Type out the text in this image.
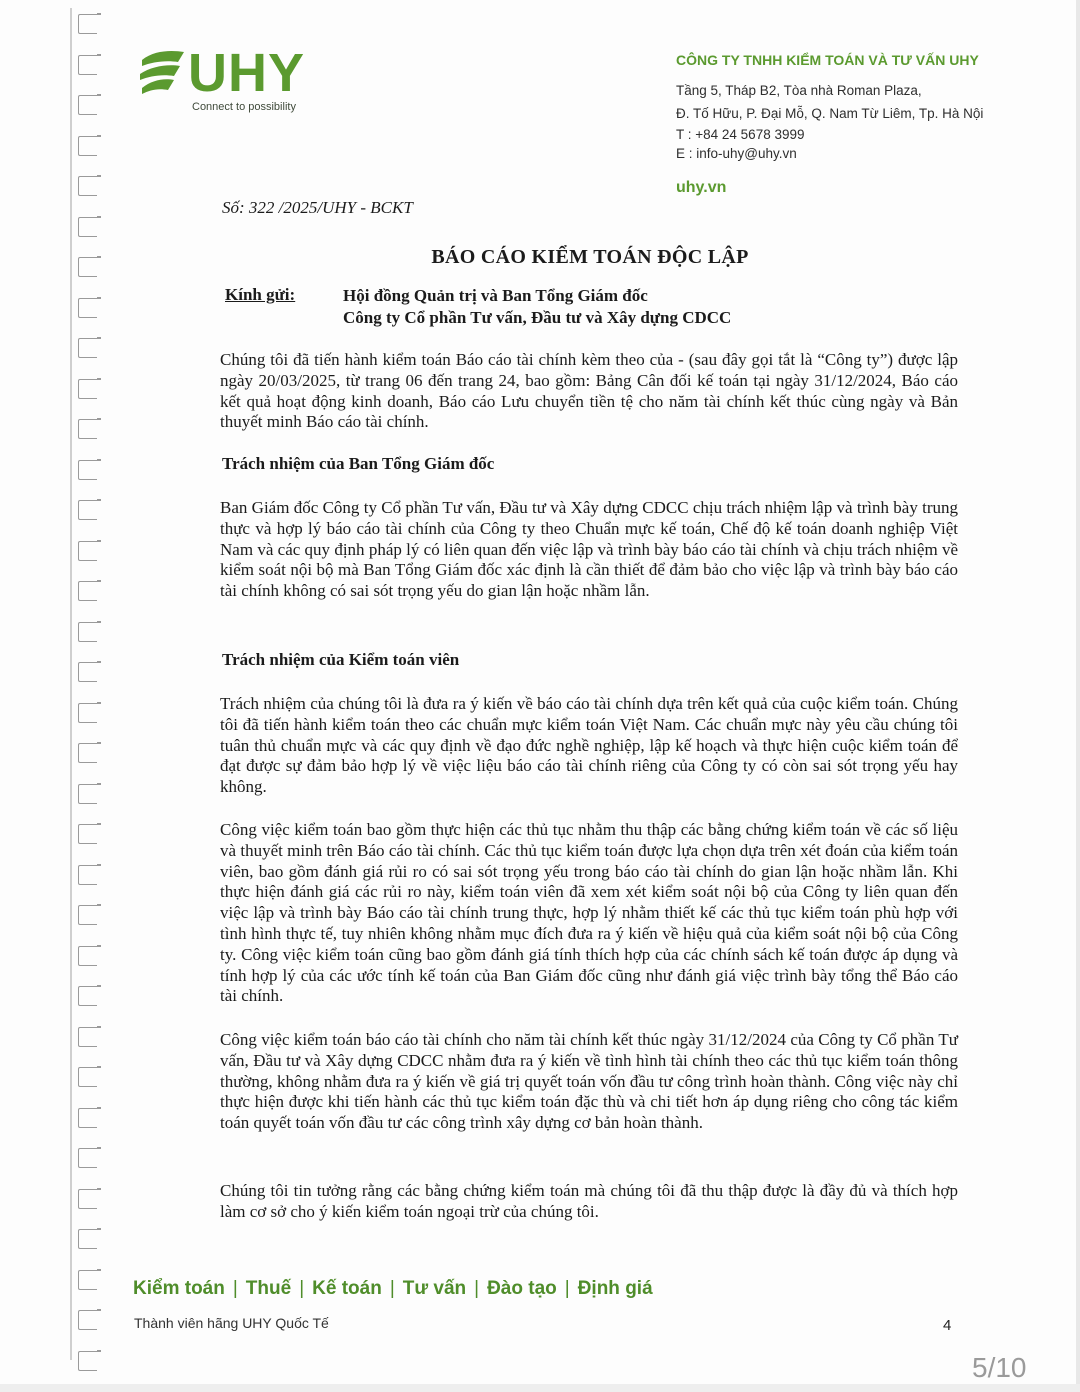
UHY
Connect to possibility
CÔNG TY TNHH KIỂM TOÁN VÀ TƯ VẤN UHY
Tầng 5, Tháp B2, Tòa nhà Roman Plaza,
Đ. Tố Hữu, P. Đại Mỗ, Q. Nam Từ Liêm, Tp. Hà Nội
T : +84 24 5678 3999
E : info-uhy@uhy.vn
uhy.vn
Số: 322 /2025/UHY - BCKT
BÁO CÁO KIỂM TOÁN ĐỘC LẬP
Kính gửi:	Hội đồng Quản trị và Ban Tổng Giám đốc
Công ty Cổ phần Tư vấn, Đầu tư và Xây dựng CDCC
Chúng tôi đã tiến hành kiểm toán Báo cáo tài chính kèm theo của - (sau đây gọi tắt là “Công ty”) được lập ngày 20/03/2025, từ trang 06 đến trang 24, bao gồm: Bảng Cân đối kế toán tại ngày 31/12/2024, Báo cáo kết quả hoạt động kinh doanh, Báo cáo Lưu chuyển tiền tệ cho năm tài chính kết thúc cùng ngày và Bản thuyết minh Báo cáo tài chính.
Trách nhiệm của Ban Tổng Giám đốc
Ban Giám đốc Công ty Cổ phần Tư vấn, Đầu tư và Xây dựng CDCC chịu trách nhiệm lập và trình bày trung thực và hợp lý báo cáo tài chính của Công ty theo Chuẩn mực kế toán, Chế độ kế toán doanh nghiệp Việt Nam và các quy định pháp lý có liên quan đến việc lập và trình bày báo cáo tài chính và chịu trách nhiệm về kiểm soát nội bộ mà Ban Tổng Giám đốc xác định là cần thiết để đảm bảo cho việc lập và trình bày báo cáo tài chính không có sai sót trọng yếu do gian lận hoặc nhầm lẫn.
Trách nhiệm của Kiểm toán viên
Trách nhiệm của chúng tôi là đưa ra ý kiến về báo cáo tài chính dựa trên kết quả của cuộc kiểm toán. Chúng tôi đã tiến hành kiểm toán theo các chuẩn mực kiểm toán Việt Nam. Các chuẩn mực này yêu cầu chúng tôi tuân thủ chuẩn mực và các quy định về đạo đức nghề nghiệp, lập kế hoạch và thực hiện cuộc kiểm toán để đạt được sự đảm bảo hợp lý về việc liệu báo cáo tài chính riêng của Công ty có còn sai sót trọng yếu hay không.
Công việc kiểm toán bao gồm thực hiện các thủ tục nhằm thu thập các bằng chứng kiểm toán về các số liệu và thuyết minh trên Báo cáo tài chính. Các thủ tục kiểm toán được lựa chọn dựa trên xét đoán của kiểm toán viên, bao gồm đánh giá rủi ro có sai sót trọng yếu trong báo cáo tài chính do gian lận hoặc nhầm lẫn. Khi thực hiện đánh giá các rủi ro này, kiểm toán viên đã xem xét kiểm soát nội bộ của Công ty liên quan đến việc lập và trình bày Báo cáo tài chính trung thực, hợp lý nhằm thiết kế các thủ tục kiểm toán phù hợp với tình hình thực tế, tuy nhiên không nhằm mục đích đưa ra ý kiến về hiệu quả của kiểm soát nội bộ của Công ty. Công việc kiểm toán cũng bao gồm đánh giá tính thích hợp của các chính sách kế toán được áp dụng và tính hợp lý của các ước tính kế toán của Ban Giám đốc cũng như đánh giá việc trình bày tổng thể Báo cáo tài chính.
Công việc kiểm toán báo cáo tài chính cho năm tài chính kết thúc ngày 31/12/2024 của Công ty Cổ phần Tư vấn, Đầu tư và Xây dựng CDCC nhằm đưa ra ý kiến về tình hình tài chính theo các thủ tục kiểm toán thông thường, không nhằm đưa ra ý kiến về giá trị quyết toán vốn đầu tư công trình hoàn thành. Công việc này chỉ thực hiện được khi tiến hành các thủ tục kiểm toán đặc thù và chi tiết hơn áp dụng riêng cho công tác kiểm toán quyết toán vốn đầu tư các công trình xây dựng cơ bản hoàn thành.
Chúng tôi tin tưởng rằng các bằng chứng kiểm toán mà chúng tôi đã thu thập được là đầy đủ và thích hợp làm cơ sở cho ý kiến kiểm toán ngoại trừ của chúng tôi.
Kiểm toán | Thuế | Kế toán | Tư vấn | Đào tạo | Định giá
Thành viên hãng UHY Quốc Tế	4
5/10
